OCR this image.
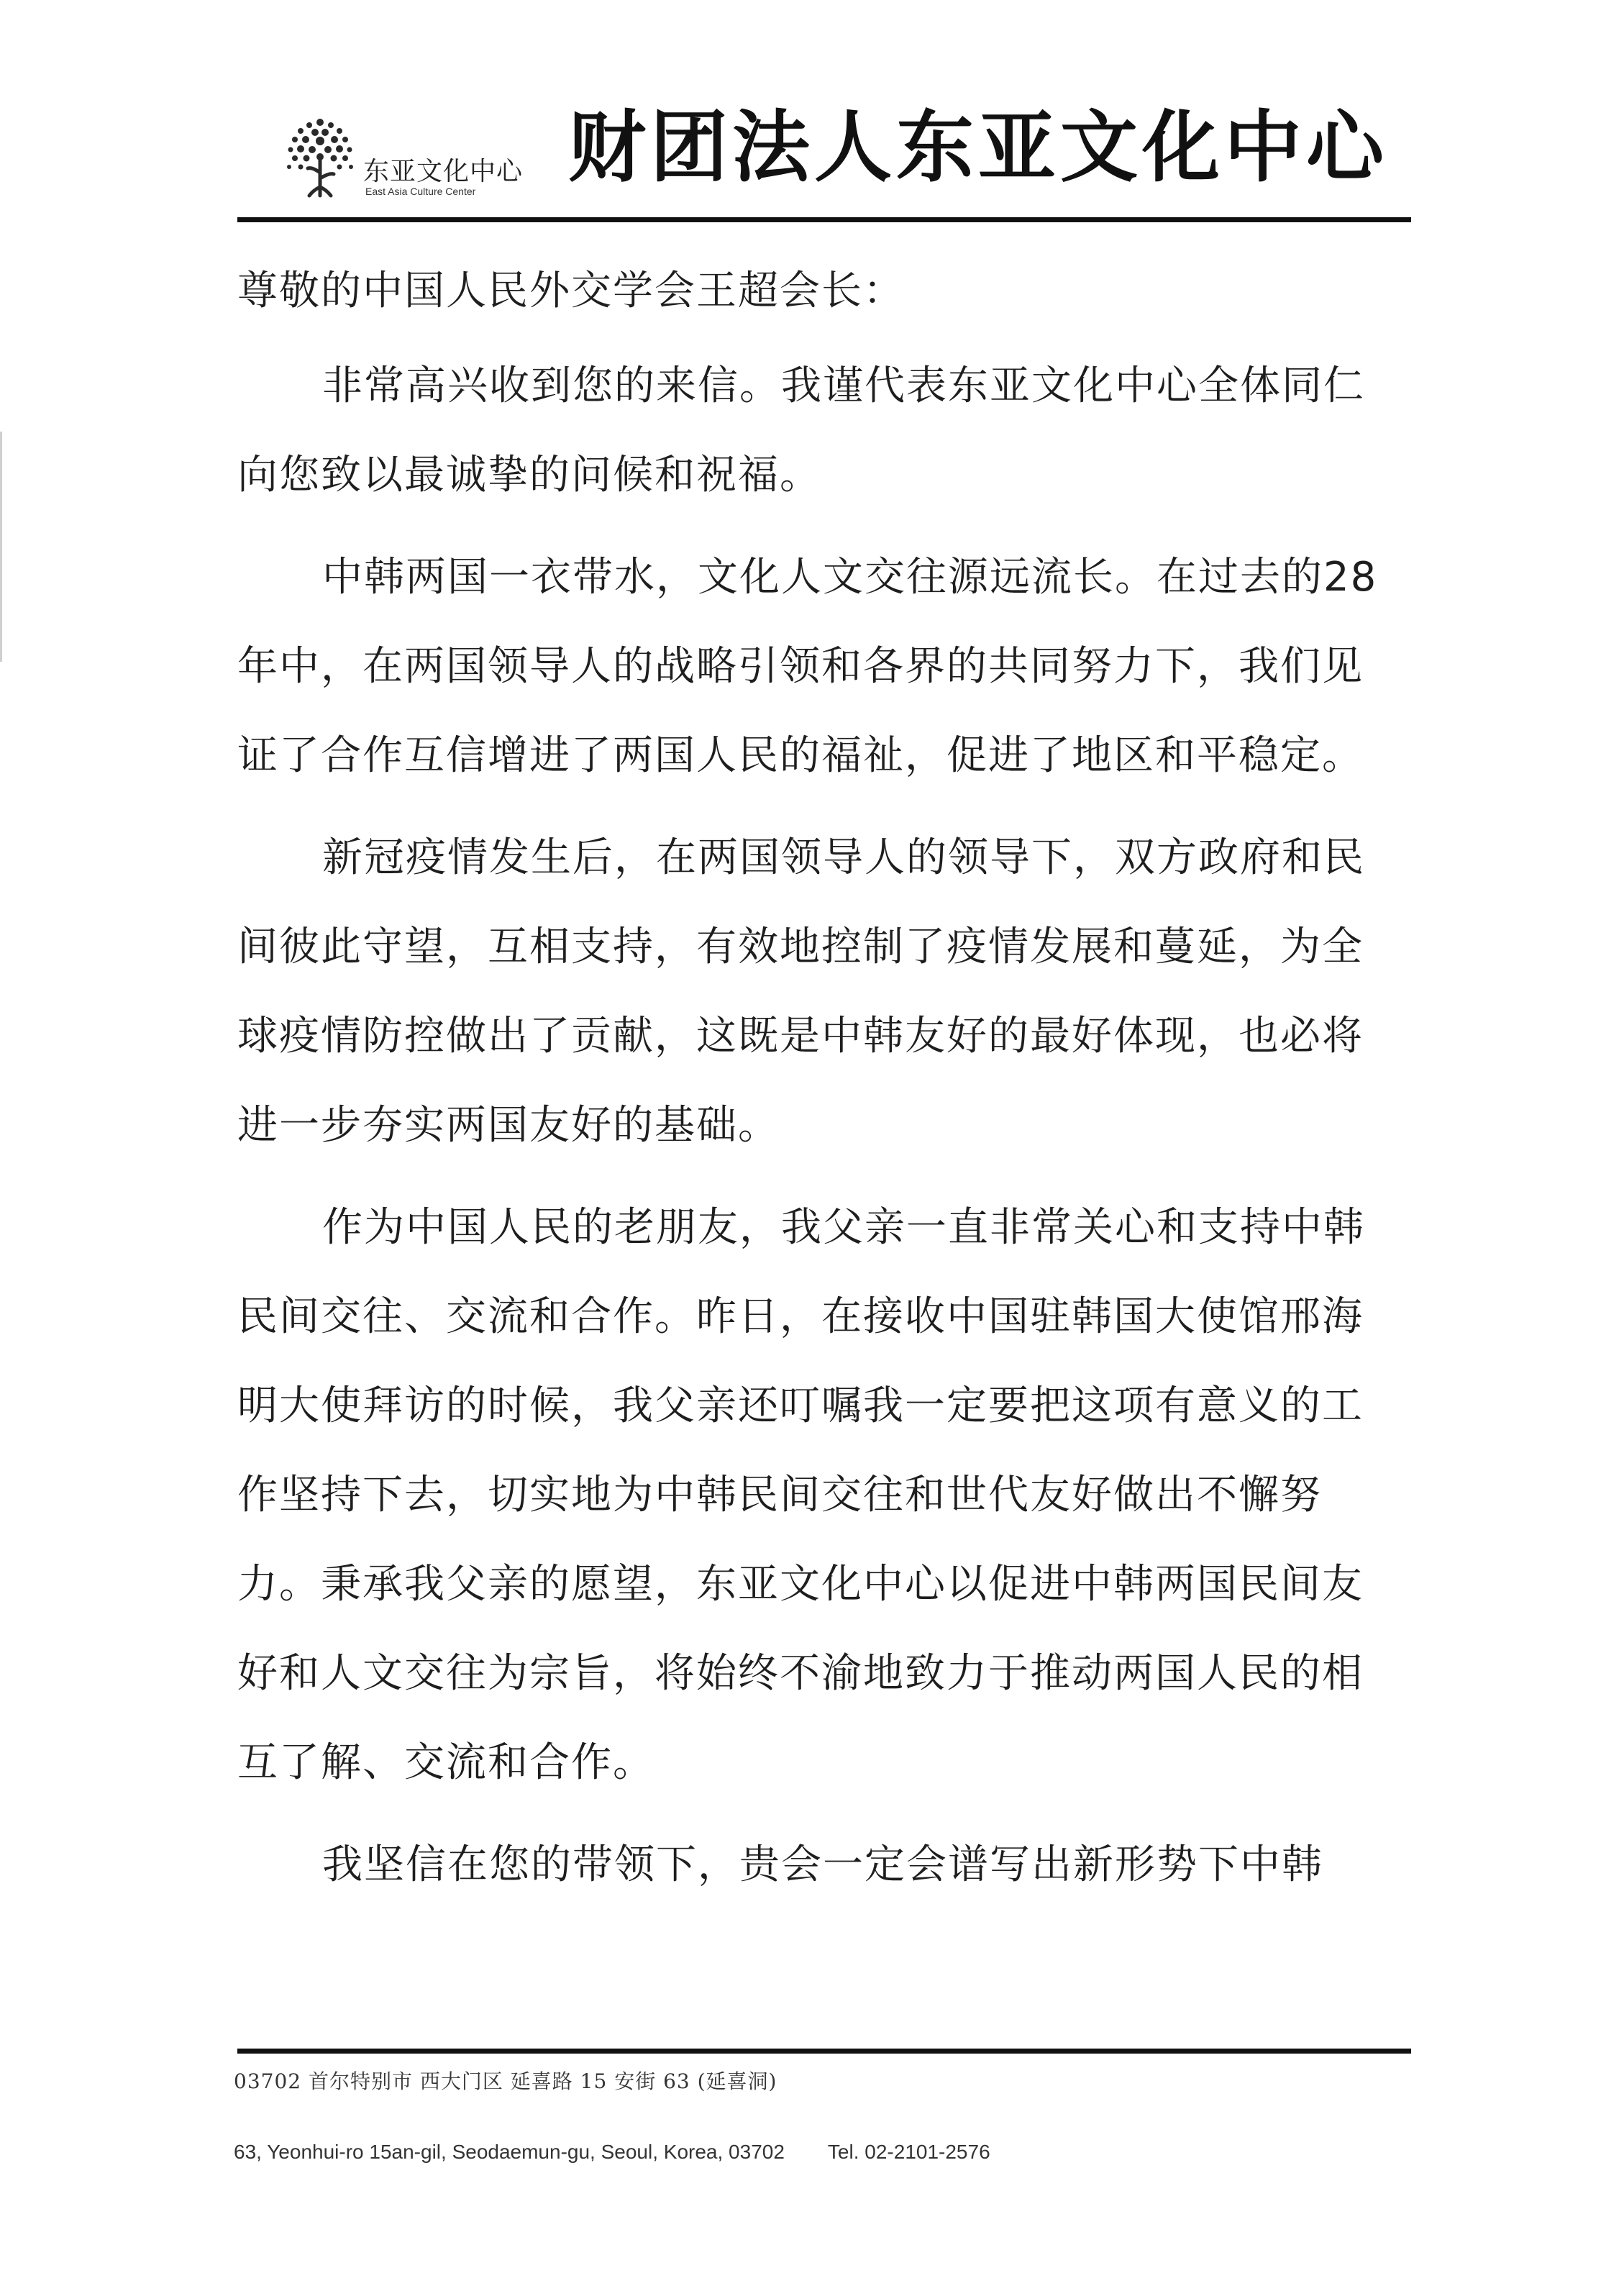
东亚文化中心
East Asia Culture Center 财团法人东亚文化中心

尊敬的中国人民外交学会王超会长：

非常高兴收到您的来信。我谨代表东亚文化中心全体同仁向您致以最诚挚的问候和祝福。

中韩两国一衣带水，文化人文交往源远流长。在过去的28年中，在两国领导人的战略引领和各界的共同努力下，我们见证了合作互信增进了两国人民的福祉，促进了地区和平稳定。

新冠疫情发生后，在两国领导人的领导下，双方政府和民间彼此守望，互相支持，有效地控制了疫情发展和蔓延，为全球疫情防控做出了贡献，这既是中韩友好的最好体现，也必将进一步夯实两国友好的基础。

作为中国人民的老朋友，我父亲一直非常关心和支持中韩民间交往、交流和合作。昨日，在接收中国驻韩国大使馆邢海明大使拜访的时候，我父亲还叮嘱我一定要把这项有意义的工作坚持下去，切实地为中韩民间交往和世代友好做出不懈努力。秉承我父亲的愿望，东亚文化中心以促进中韩两国民间友好和人文交往为宗旨，将始终不渝地致力于推动两国人民的相互了解、交流和合作。

我坚信在您的带领下，贵会一定会谱写出新形势下中韩

03702 首尔特别市 西大门区 延喜路 15 安街 63 (延喜洞)
63, Yeonhui-ro 15an-gil, Seodaemun-gu, Seoul, Korea, 03702 Tel. 02-2101-2576
